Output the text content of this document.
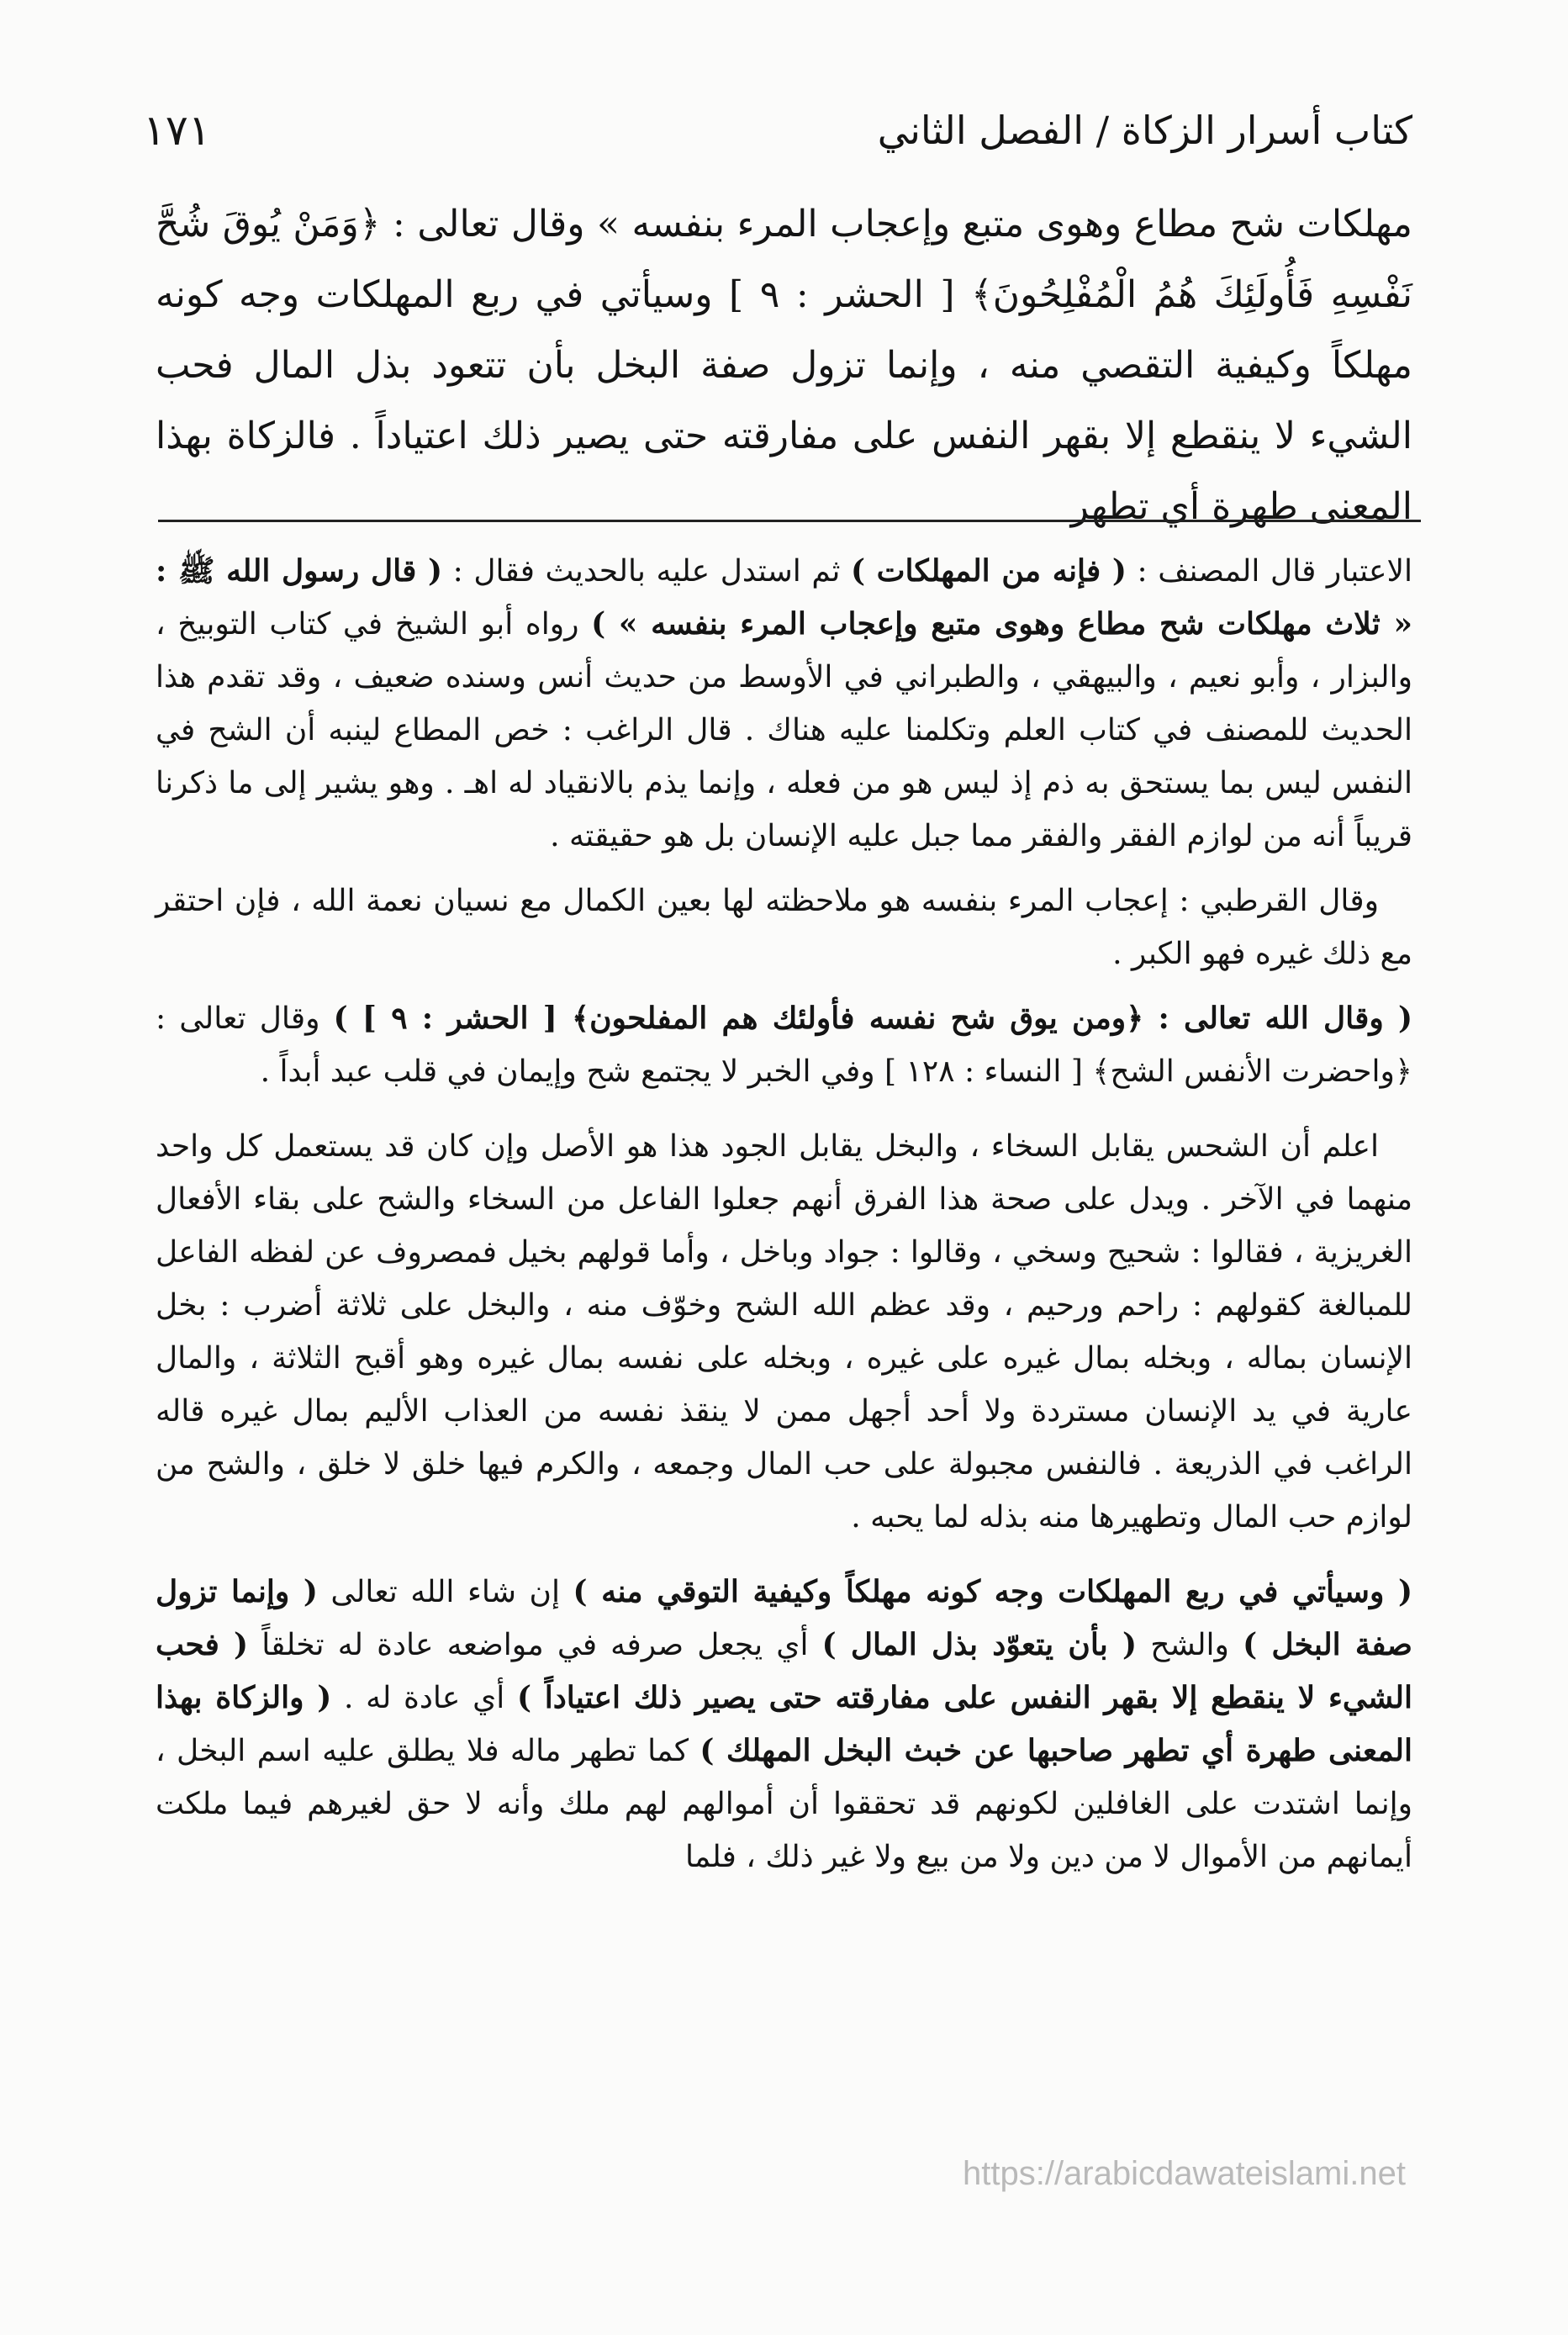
١٧١	كتاب أسرار الزكاة / الفصل الثاني
مهلكات شح مطاع وهوى متبع وإعجاب المرء بنفسه » وقال تعالى : ﴿وَمَنْ يُوقَ شُحَّ نَفْسِهِ فَأُولَئِكَ هُمُ الْمُفْلِحُونَ﴾ [ الحشر : ٩ ] وسيأتي في ربع المهلكات وجه كونه مهلكاً وكيفية التقصي منه ، وإنما تزول صفة البخل بأن تتعود بذل المال فحب الشيء لا ينقطع إلا بقهر النفس على مفارقته حتى يصير ذلك اعتياداً . فالزكاة بهذا المعنى طهرة أي تطهر

الاعتبار قال المصنف : ( فإنه من المهلكات ) ثم استدل عليه بالحديث فقال : ( قال رسول الله ﷺ : « ثلاث مهلكات شح مطاع وهوى متبع وإعجاب المرء بنفسه » ) رواه أبو الشيخ في كتاب التوبيخ ، والبزار ، وأبو نعيم ، والبيهقي ، والطبراني في الأوسط من حديث أنس وسنده ضعيف ، وقد تقدم هذا الحديث للمصنف في كتاب العلم وتكلمنا عليه هناك . قال الراغب : خص المطاع لينبه أن الشح في النفس ليس بما يستحق به ذم إذ ليس هو من فعله ، وإنما يذم بالانقياد له اهـ . وهو يشير إلى ما ذكرنا قريباً أنه من لوازم الفقر والفقر مما جبل عليه الإنسان بل هو حقيقته .

وقال القرطبي : إعجاب المرء بنفسه هو ملاحظته لها بعين الكمال مع نسيان نعمة الله ، فإن احتقر مع ذلك غيره فهو الكبر .

( وقال الله تعالى : ﴿ومن يوق شح نفسه فأولئك هم المفلحون﴾ [ الحشر : ٩ ] ) وقال تعالى : ﴿واحضرت الأنفس الشح﴾ [ النساء : ١٢٨ ] وفي الخبر لا يجتمع شح وإيمان في قلب عبد أبداً .

اعلم أن الشحس يقابل السخاء ، والبخل يقابل الجود هذا هو الأصل وإن كان قد يستعمل كل واحد منهما في الآخر . ويدل على صحة هذا الفرق أنهم جعلوا الفاعل من السخاء والشح على بقاء الأفعال الغريزية ، فقالوا : شحيح وسخي ، وقالوا : جواد وباخل ، وأما قولهم بخيل فمصروف عن لفظه الفاعل للمبالغة كقولهم : راحم ورحيم ، وقد عظم الله الشح وخوّف منه ، والبخل على ثلاثة أضرب : بخل الإنسان بماله ، وبخله بمال غيره على غيره ، وبخله على نفسه بمال غيره وهو أقبح الثلاثة ، والمال عارية في يد الإنسان مستردة ولا أحد أجهل ممن لا ينقذ نفسه من العذاب الأليم بمال غيره قاله الراغب في الذريعة . فالنفس مجبولة على حب المال وجمعه ، والكرم فيها خلق لا خلق ، والشح من لوازم حب المال وتطهيرها منه بذله لما يحبه .

( وسيأتي في ربع المهلكات وجه كونه مهلكاً وكيفية التوقي منه ) إن شاء الله تعالى ( وإنما تزول صفة البخل ) والشح ( بأن يتعوّد بذل المال ) أي يجعل صرفه في مواضعه عادة له تخلقاً ( فحب الشيء لا ينقطع إلا بقهر النفس على مفارقته حتى يصير ذلك اعتياداً ) أي عادة له . ( والزكاة بهذا المعنى طهرة أي تطهر صاحبها عن خبث البخل المهلك ) كما تطهر ماله فلا يطلق عليه اسم البخل ، وإنما اشتدت على الغافلين لكونهم قد تحققوا أن أموالهم لهم ملك وأنه لا حق لغيرهم فيما ملكت أيمانهم من الأموال لا من دين ولا من بيع ولا غير ذلك ، فلما

https://arabicdawateislami.net
